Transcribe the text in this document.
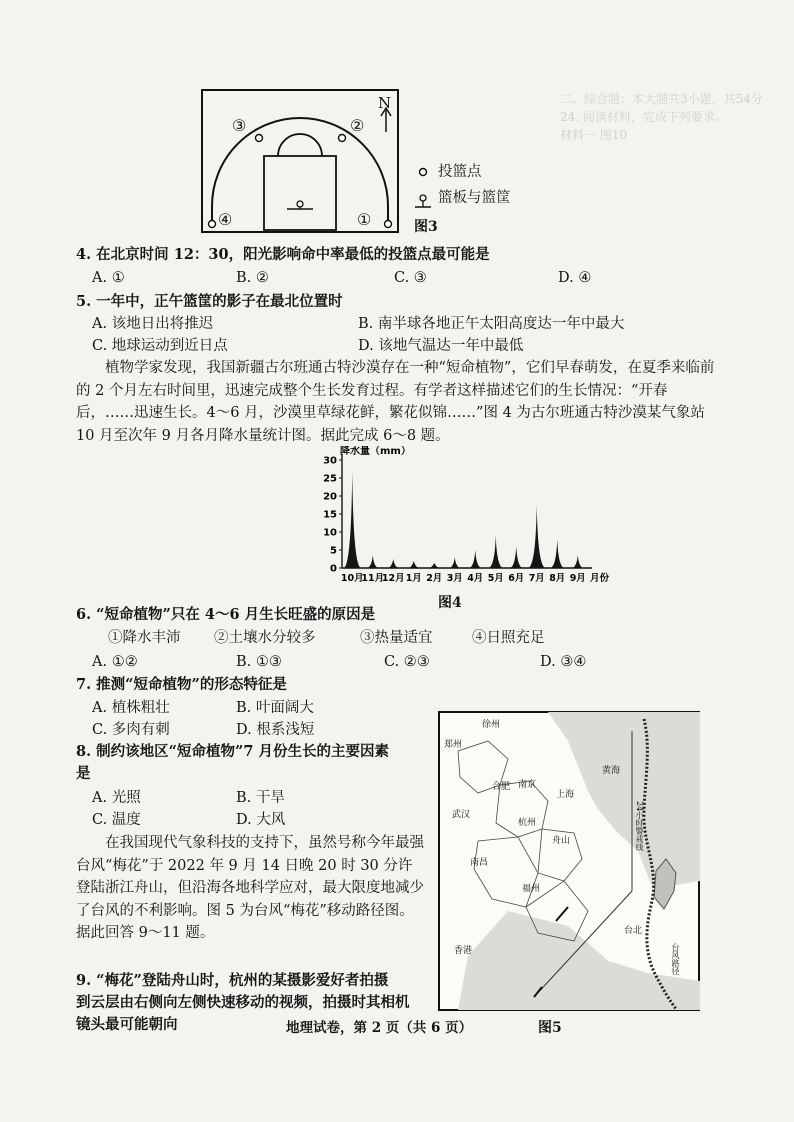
二、综合题：本大题共3小题，共54分
24. 阅读材料，完成下列要求。
材料一 图10
N
③	②
④	①
投篮点
篮板与篮筐
图3
4. 在北京时间 12：30，阳光影响命中率最低的投篮点最可能是
A. ①	B. ②	C. ③	D. ④
5. 一年中，正午篮筐的影子在最北位置时
A. 该地日出将推迟	B. 南半球各地正午太阳高度达一年中最大
C. 地球运动到近日点	D. 该地气温达一年中最低
植物学家发现，我国新疆古尔班通古特沙漠存在一种“短命植物”，它们早春萌发，在夏季来临前的 2 个月左右时间里，迅速完成整个生长发育过程。有学者这样描述它们的生长情况：“开春后，……迅速生长。4～6 月，沙漠里草绿花鲜，繁花似锦……”图 4 为古尔班通古特沙漠某气象站 10 月至次年 9 月各月降水量统计图。据此完成 6～8 题。
0
5
10
15
20
25
30
降水量（mm）
10月
11月
12月 1月 2月 3月 4月 5月 6月 7月 8月 9月 月份
图4
6. “短命植物”只在 4～6 月生长旺盛的原因是
①降水丰沛 ②土壤水分较多	③热量适宜	④日照充足
A. ①②	B. ①③	C. ②③	D. ③④
7. 推测“短命植物”的形态特征是
A. 植株粗壮	B. 叶面阔大
C. 多肉有刺	D. 根系浅短
8. 制约该地区“短命植物”7 月份生长的主要因素
是
A. 光照	B. 干旱
C. 温度	D. 大风
在我国现代气象科技的支持下，虽然号称今年最强台风“梅花”于 2022 年 9 月 14 日晚 20 时 30 分许登陆浙江舟山，但沿海各地科学应对，最大限度地减少了台风的不利影响。图 5 为台风“梅花”移动路径图。据此回答 9～11 题。
9. “梅花”登陆舟山时，杭州的某摄影爱好者拍摄
到云层由右侧向左侧快速移动的视频，拍摄时其相机
镜头最可能朝向
徐州
郑州
合肥 南京
武汉
杭州
南昌
福州
台北
香港
上海
舟山
黄海
24小时警戒线
台风路径
图5
地理试卷，第 2 页（共 6 页）
